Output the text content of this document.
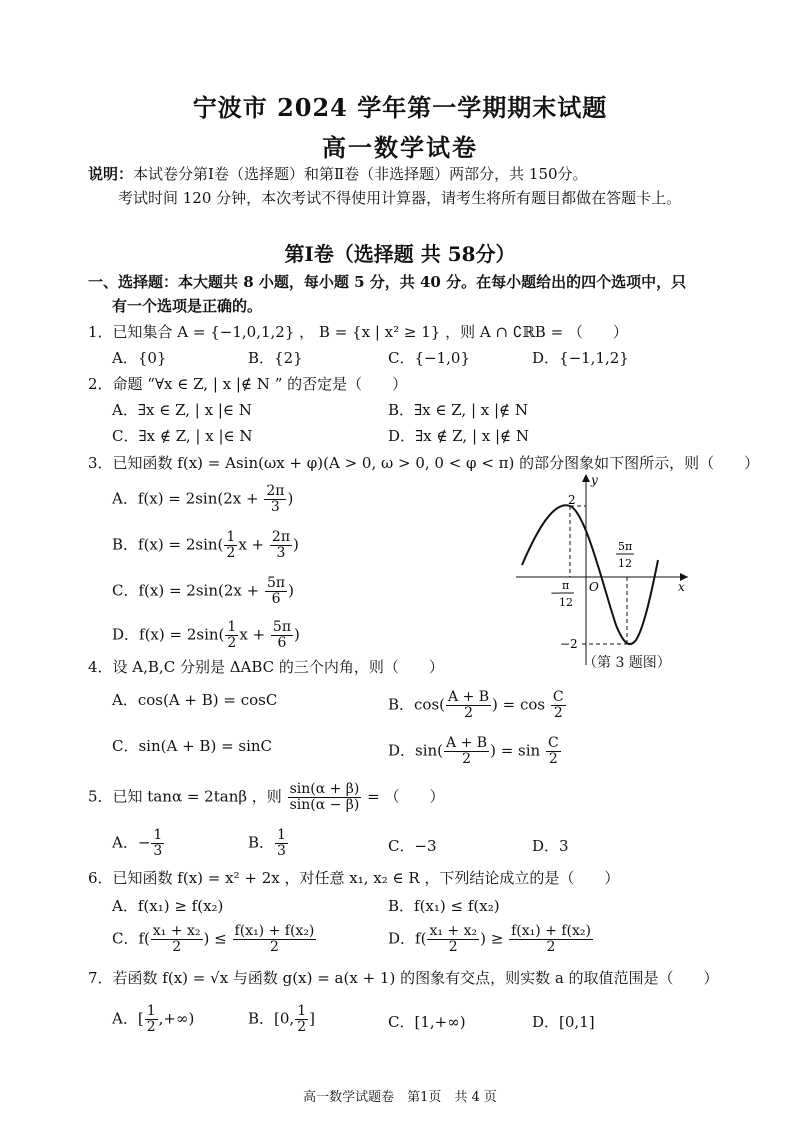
宁波市 2024 学年第一学期期末试题
高一数学试卷
说明：本试卷分第Ⅰ卷（选择题）和第Ⅱ卷（非选择题）两部分，共 150分。
考试时间 120 分钟，本次考试不得使用计算器，请考生将所有题目都做在答题卡上。
第Ⅰ卷（选择题 共 58分）
一、选择题：本大题共 8 小题，每小题 5 分，共 40 分。在每小题给出的四个选项中，只
有一个选项是正确的。
1．已知集合 A = {−1,0,1,2} ， B = {x | x² ≥ 1} ，则 A ∩ ∁ℝB = （　　）
A．{0}	B．{2}	C．{−1,0}	D．{−1,1,2}
2．命题 “∀x ∈ Z, | x |∉ N ” 的否定是（　　）
A．∃x ∈ Z, | x |∈ N	B．∃x ∈ Z, | x |∉ N
C．∃x ∉ Z, | x |∈ N	D．∃x ∉ Z, | x |∉ N
3．已知函数 f(x) = Asin(ωx + φ)(A > 0, ω > 0, 0 < φ < π) 的部分图象如下图所示，则（　　）
A．$f(x) = 2\sin(2x + \frac{2\pi}{3}$ )
B．$f(x) = 2\sin( \frac{1}{2}$ $x + \frac{2\pi}{3}$ )
C．$f(x) = 2\sin(2x + \frac{5\pi}{6}$ )
D．$f(x) = 2\sin( \frac{1}{2}$ $x + \frac{5\pi}{6}$ )
y
x
O
2
−2
π
−
12
5π
12
（第 3 题图）
4．设 A,B,C 分别是 ΔABC 的三个内角，则（　　）
A．cos(A + B) = cosC	B．$\cos( \frac{A + B}{2}$ ) = $\cos \frac{C}{2}$
C．sin(A + B) = sinC	D．$\sin( \frac{A + B}{2}$ ) = $\sin \frac{C}{2}$
5．已知 tanα = 2tanβ ，则 $\frac{\sin(\alpha + \beta)}{\sin(\alpha - \beta)}$ = （　　）
A．− $\frac{1}{3}$	B． $\frac{1}{3}$	C．−3	D．3
6．已知函数 f(x) = x² + 2x ，对任意 x₁, x₂ ∈ R ，下列结论成立的是（　　）
A．f(x₁) ≥ f(x₂)	B．f(x₁) ≤ f(x₂)
C．$f( \frac{\text{x₁ + x₂}}{2}$ ) ≤ $\frac{\text{f(x₁) + f(x₂)}}{2}$	D．$f( \frac{\text{x₁ + x₂}}{2}$ ) ≥ $\frac{\text{f(x₁) + f(x₂)}}{2}$
7．若函数 f(x) = √x 与函数 g(x) = a(x + 1) 的图象有交点，则实数 a 的取值范围是（　　）
A．[ $\frac{1}{2}$ ,+∞)	B．[0, $\frac{1}{2}$ ]	C．[1,+∞)	D．[0,1]
高一数学试题卷　第1页　共 4 页
